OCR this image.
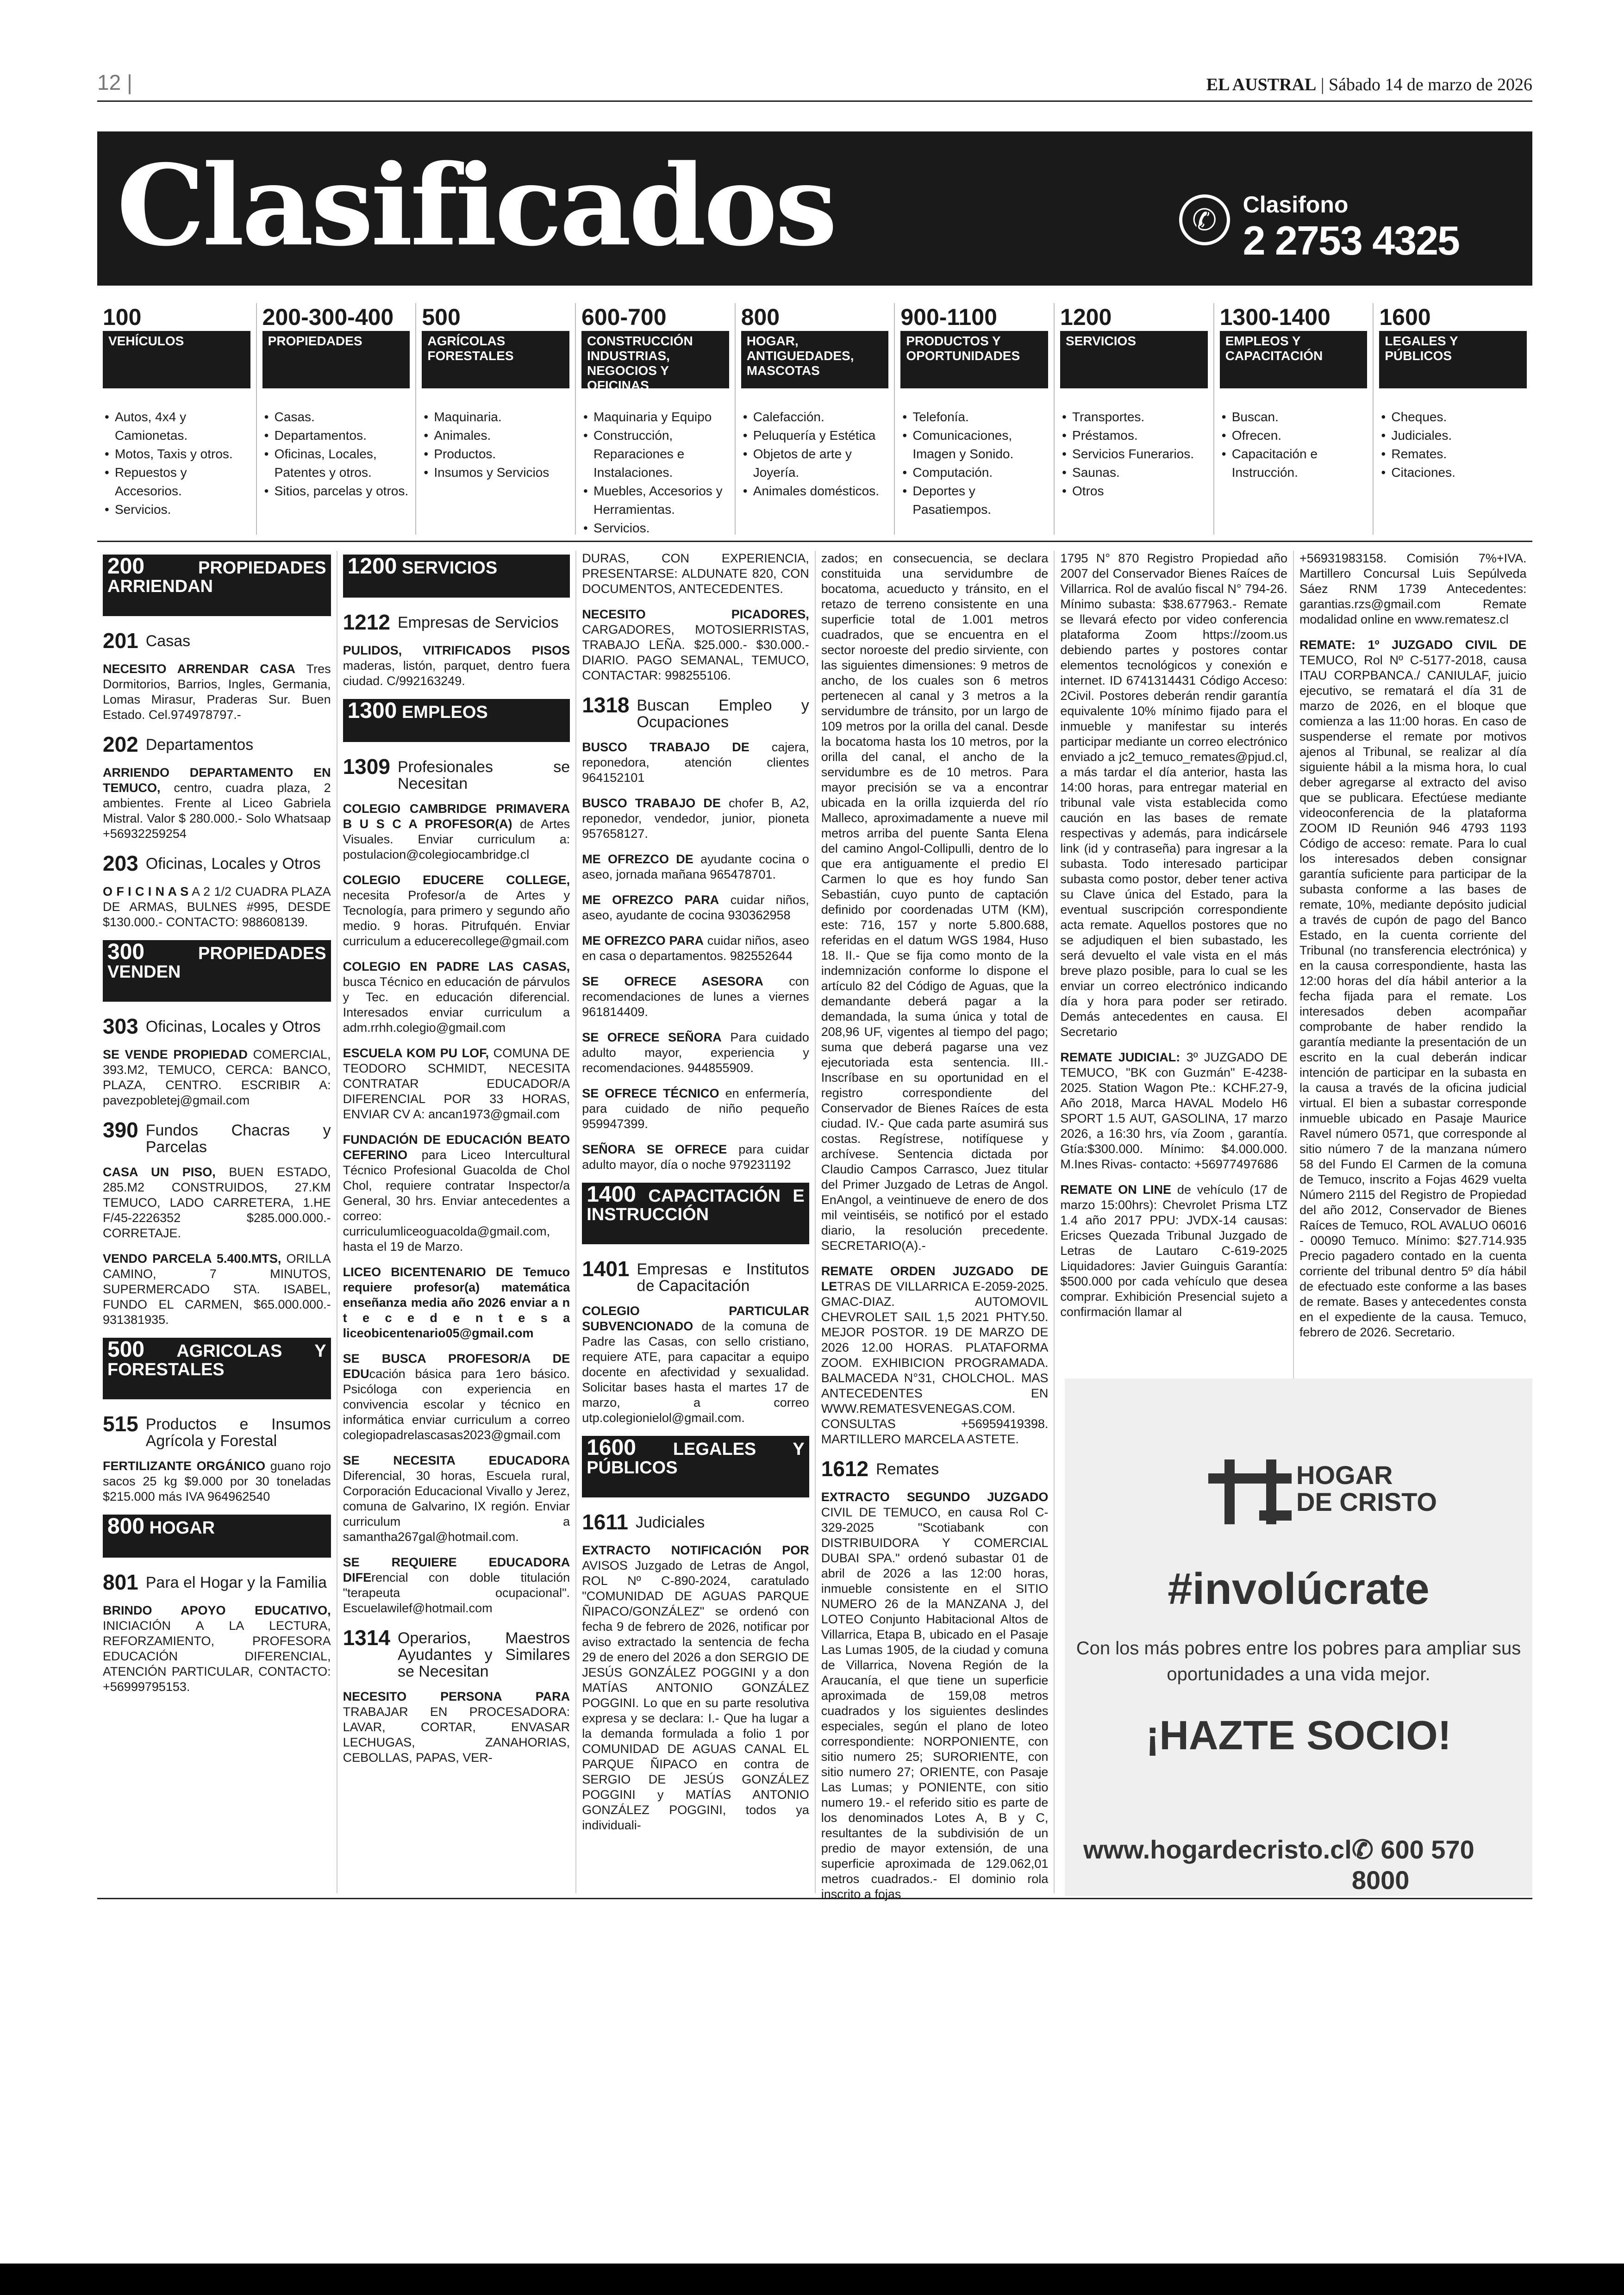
12 |	EL AUSTRAL | Sábado 14 de marzo de 2026
Clasificados	✆	Clasifono
2 2753 4325
100
VEHÍCULOS
• Autos, 4x4 y Camionetas.
• Motos, Taxis y otros.
• Repuestos y Accesorios.
• Servicios.
200-300-400
PROPIEDADES
• Casas.
• Departamentos.
• Oficinas, Locales, Patentes y otros.
• Sitios, parcelas y otros.
500
AGRÍCOLAS FORESTALES
• Maquinaria.
• Animales.
• Productos.
• Insumos y Servicios
600-700
CONSTRUCCIÓN INDUSTRIAS, NEGOCIOS Y OFICINAS
• Maquinaria y Equipo
• Construcción, Reparaciones e Instalaciones.
• Muebles, Accesorios y Herramientas.
• Servicios.
800
HOGAR, ANTIGUEDADES, MASCOTAS
• Calefacción.
• Peluquería y Estética
• Objetos de arte y Joyería.
• Animales domésticos.
900-1100
PRODUCTOS Y OPORTUNIDADES
• Telefonía.
• Comunicaciones, Imagen y Sonido.
• Computación.
• Deportes y Pasatiempos.
1200
SERVICIOS
• Transportes.
• Préstamos.
• Servicios Funerarios.
• Saunas.
• Otros
1300-1400
EMPLEOS Y CAPACITACIÓN
• Buscan.
• Ofrecen.
• Capacitación e Instrucción.
1600
LEGALES Y PÚBLICOS
• Cheques.
• Judiciales.
• Remates.
• Citaciones.
200	PROPIEDADES ARRIENDAN
201 Casas

NECESITO ARRENDAR CASA Tres Dormitorios, Barrios, Ingles, Germania, Lomas Mirasur, Praderas Sur. Buen Estado. Cel.974978797.-

202 Departamentos

ARRIENDO DEPARTAMENTO EN TEMUCO, centro, cuadra plaza, 2 ambientes. Frente al Liceo Gabriela Mistral. Valor $ 280.000.- Solo Whatsaap +56932259254

203 Oficinas, Locales y Otros

O F I C I N A S A 2 1/2 CUADRA PLAZA DE ARMAS, BULNES #995, DESDE $130.000.- CONTACTO: 988608139.

300	PROPIEDADES VENDEN
303 Oficinas, Locales y Otros

SE VENDE PROPIEDAD COMERCIAL, 393.M2, TEMUCO, CERCA: BANCO, PLAZA, CENTRO. ESCRIBIR A: pavezpobletej@gmail.com

390 Fundos Chacras y Parcelas

CASA UN PISO, BUEN ESTADO, 285.M2 CONSTRUIDOS, 27.KM TEMUCO, LADO CARRETERA, 1.HE F/45-2226352 $285.000.000.- CORRETAJE.

VENDO PARCELA 5.400.MTS, ORILLA CAMINO, 7 MINUTOS, SUPERMERCADO STA. ISABEL, FUNDO EL CARMEN, $65.000.000.- 931381935.

500 AGRICOLAS Y FORESTALES
515 Productos e Insumos Agrícola y Forestal

FERTILIZANTE ORGÁNICO guano rojo sacos 25 kg $9.000 por 30 toneladas $215.000 más IVA 964962540

800 HOGAR
801 Para el Hogar y la Familia

BRINDO APOYO EDUCATIVO, INICIACIÓN A LA LECTURA, REFORZAMIENTO, PROFESORA EDUCACIÓN DIFERENCIAL, ATENCIÓN PARTICULAR, CONTACTO: +56999795153.

1200 SERVICIOS
1212 Empresas de Servicios

PULIDOS, VITRIFICADOS PISOS maderas, listón, parquet, dentro fuera ciudad. C/992163249.

1300 EMPLEOS
1309 Profesionales se Necesitan

COLEGIO CAMBRIDGE PRIMAVERA B U S C A PROFESOR(A) de Artes Visuales. Enviar curriculum a: postulacion@colegiocambridge.cl

COLEGIO EDUCERE COLLEGE, necesita Profesor/a de Artes y Tecnología, para primero y segundo año medio. 9 horas. Pitrufquén. Enviar curriculum a educerecollege@gmail.com

COLEGIO EN PADRE LAS CASAS, busca Técnico en educación de párvulos y Tec. en educación diferencial. Interesados enviar curriculum a adm.rrhh.colegio@gmail.com

ESCUELA KOM PU LOF, COMUNA DE TEODORO SCHMIDT, NECESITA CONTRATAR EDUCADOR/A DIFERENCIAL POR 33 HORAS, ENVIAR CV A: ancan1973@gmail.com

FUNDACIÓN DE EDUCACIÓN BEATO CEFERINO para Liceo Intercultural Técnico Profesional Guacolda de Chol Chol, requiere contratar Inspector/a General, 30 hrs. Enviar antecedentes a correo: curriculumliceoguacolda@gmail.com, hasta el 19 de Marzo.

LICEO BICENTENARIO DE Temuco requiere profesor(a) matemática enseñanza media año 2026 enviar a n t e c e d e n t e s a liceobicentenario05@gmail.com

SE BUSCA PROFESOR/A DE EDUcación básica para 1ero básico. Psicóloga con experiencia en convivencia escolar y técnico en informática enviar curriculum a correo colegiopadrelascasas2023@gmail.com

SE NECESITA EDUCADORA Diferencial, 30 horas, Escuela rural, Corporación Educacional Vivallo y Jerez, comuna de Galvarino, IX región. Enviar curriculum a samantha267gal@hotmail.com.

SE REQUIERE EDUCADORA DIFErencial con doble titulación "terapeuta ocupacional". Escuelawilef@hotmail.com

1314 Operarios, Maestros Ayudantes y Similares se Necesitan

NECESITO PERSONA PARA TRABAJAR EN PROCESADORA: LAVAR, CORTAR, ENVASAR LECHUGAS, ZANAHORIAS, CEBOLLAS, PAPAS, VER-

DURAS, CON EXPERIENCIA, PRESENTARSE: ALDUNATE 820, CON DOCUMENTOS, ANTECEDENTES.

NECESITO PICADORES, CARGADORES, MOTOSIERRISTAS, TRABAJO LEÑA. $25.000.- $30.000.- DIARIO. PAGO SEMANAL, TEMUCO, CONTACTAR: 998255106.

1318 Buscan Empleo y Ocupaciones

BUSCO TRABAJO DE cajera, reponedora, atención clientes 964152101

BUSCO TRABAJO DE chofer B, A2, reponedor, vendedor, junior, pioneta 957658127.

ME OFREZCO DE ayudante cocina o aseo, jornada mañana 965478701.

ME OFREZCO PARA cuidar niños, aseo, ayudante de cocina 930362958

ME OFREZCO PARA cuidar niños, aseo en casa o departamentos. 982552644

SE OFRECE ASESORA con recomendaciones de lunes a viernes 961814409.

SE OFRECE SEÑORA Para cuidado adulto mayor, experiencia y recomendaciones. 944855909.

SE OFRECE TÉCNICO en enfermería, para cuidado de niño pequeño 959947399.

SEÑORA SE OFRECE para cuidar adulto mayor, día o noche 979231192

1400 CAPACITACIÓN E INSTRUCCIÓN
1401 Empresas e Institutos de Capacitación

COLEGIO PARTICULAR SUBVENCIONADO de la comuna de Padre las Casas, con sello cristiano, requiere ATE, para capacitar a equipo docente en afectividad y sexualidad. Solicitar bases hasta el martes 17 de marzo, a correo utp.colegionielol@gmail.com.

1600 LEGALES Y PÚBLICOS
1611 Judiciales

EXTRACTO NOTIFICACIÓN POR AVISOS Juzgado de Letras de Angol, ROL Nº C-890-2024, caratulado "COMUNIDAD DE AGUAS PARQUE ÑIPACO/GONZÁLEZ" se ordenó con fecha 9 de febrero de 2026, notificar por aviso extractado la sentencia de fecha 29 de enero del 2026 a don SERGIO DE JESÚS GONZÁLEZ POGGINI y a don MATÍAS ANTONIO GONZÁLEZ POGGINI. Lo que en su parte resolutiva expresa y se declara: I.- Que ha lugar a la demanda formulada a folio 1 por COMUNIDAD DE AGUAS CANAL EL PARQUE ÑIPACO en contra de SERGIO DE JESÚS GONZÁLEZ POGGINI y MATÍAS ANTONIO GONZÁLEZ POGGINI, todos ya individuali-

zados; en consecuencia, se declara constituida una servidumbre de bocatoma, acueducto y tránsito, en el retazo de terreno consistente en una superficie total de 1.001 metros cuadrados, que se encuentra en el sector noroeste del predio sirviente, con las siguientes dimensiones: 9 metros de ancho, de los cuales son 6 metros pertenecen al canal y 3 metros a la servidumbre de tránsito, por un largo de 109 metros por la orilla del canal. Desde la bocatoma hasta los 10 metros, por la orilla del canal, el ancho de la servidumbre es de 10 metros. Para mayor precisión se va a encontrar ubicada en la orilla izquierda del río Malleco, aproximadamente a nueve mil metros arriba del puente Santa Elena del camino Angol-Collipulli, dentro de lo que era antiguamente el predio El Carmen lo que es hoy fundo San Sebastián, cuyo punto de captación definido por coordenadas UTM (KM), este: 716, 157 y norte 5.800.688, referidas en el datum WGS 1984, Huso 18. II.- Que se fija como monto de la indemnización conforme lo dispone el artículo 82 del Código de Aguas, que la demandante deberá pagar a la demandada, la suma única y total de 208,96 UF, vigentes al tiempo del pago; suma que deberá pagarse una vez ejecutoriada esta sentencia. III.- Inscríbase en su oportunidad en el registro correspondiente del Conservador de Bienes Raíces de esta ciudad. IV.- Que cada parte asumirá sus costas. Regístrese, notifíquese y archívese. Sentencia dictada por Claudio Campos Carrasco, Juez titular del Primer Juzgado de Letras de Angol. EnAngol, a veintinueve de enero de dos mil veintiséis, se notificó por el estado diario, la resolución precedente. SECRETARIO(A).-

REMATE ORDEN JUZGADO DE LETRAS DE VILLARRICA E-2059-2025. GMAC-DIAZ. AUTOMOVIL CHEVROLET SAIL 1,5 2021 PHTY.50. MEJOR POSTOR. 19 DE MARZO DE 2026 12.00 HORAS. PLATAFORMA ZOOM. EXHIBICION PROGRAMADA. BALMACEDA N°31, CHOLCHOL. MAS ANTECEDENTES EN WWW.REMATESVENEGAS.COM. CONSULTAS +56959419398. MARTILLERO MARCELA ASTETE.

1612 Remates

EXTRACTO SEGUNDO JUZGADO CIVIL DE TEMUCO, en causa Rol C-329-2025 "Scotiabank con DISTRIBUIDORA Y COMERCIAL DUBAI SPA." ordenó subastar 01 de abril de 2026 a las 12:00 horas, inmueble consistente en el SITIO NUMERO 26 de la MANZANA J, del LOTEO Conjunto Habitacional Altos de Villarrica, Etapa B, ubicado en el Pasaje Las Lumas 1905, de la ciudad y comuna de Villarrica, Novena Región de la Araucanía, el que tiene un superficie aproximada de 159,08 metros cuadrados y los siguientes deslindes especiales, según el plano de loteo correspondiente: NORPONIENTE, con sitio numero 25; SURORIENTE, con sitio numero 27; ORIENTE, con Pasaje Las Lumas; y PONIENTE, con sitio numero 19.- el referido sitio es parte de los denominados Lotes A, B y C, resultantes de la subdivisión de un predio de mayor extensión, de una superficie aproximada de 129.062,01 metros cuadrados.- El dominio rola inscrito a fojas

1795 N° 870 Registro Propiedad año 2007 del Conservador Bienes Raíces de Villarrica. Rol de avalúo fiscal N° 794-26. Mínimo subasta: $38.677963.- Remate se llevará efecto por video conferencia plataforma Zoom https://zoom.us debiendo partes y postores contar elementos tecnológicos y conexión e internet. ID 6741314431 Código Acceso: 2Civil. Postores deberán rendir garantía equivalente 10% mínimo fijado para el inmueble y manifestar su interés participar mediante un correo electrónico enviado a jc2_temuco_remates@pjud.cl, a más tardar el día anterior, hasta las 14:00 horas, para entregar material en tribunal vale vista establecida como caución en las bases de remate respectivas y además, para indicársele link (id y contraseña) para ingresar a la subasta. Todo interesado participar subasta como postor, deber tener activa su Clave única del Estado, para la eventual suscripción correspondiente acta remate. Aquellos postores que no se adjudiquen el bien subastado, les será devuelto el vale vista en el más breve plazo posible, para lo cual se les enviar un correo electrónico indicando día y hora para poder ser retirado. Demás antecedentes en causa. El Secretario

REMATE JUDICIAL: 3º JUZGADO DE TEMUCO, "BK con Guzmán" E-4238-2025. Station Wagon Pte.: KCHF.27-9, Año 2018, Marca HAVAL Modelo H6 SPORT 1.5 AUT, GASOLINA, 17 marzo 2026, a 16:30 hrs, vía Zoom , garantía. Gtía:$300.000. Mínimo: $4.000.000. M.Ines Rivas- contacto: +56977497686

REMATE ON LINE de vehículo (17 de marzo 15:00hrs): Chevrolet Prisma LTZ 1.4 año 2017 PPU: JVDX-14 causas: Ericses Quezada Tribunal Juzgado de Letras de Lautaro C-619-2025 Liquidadores: Javier Guinguis Garantía: $500.000 por cada vehículo que desea comprar. Exhibición Presencial sujeto a confirmación llamar al

+56931983158. Comisión 7%+IVA. Martillero Concursal Luis Sepúlveda Sáez RNM 1739 Antecedentes: garantias.rzs@gmail.com Remate modalidad online en www.rematesz.cl

REMATE: 1º JUZGADO CIVIL DE TEMUCO, Rol Nº C-5177-2018, causa ITAU CORPBANCA./ CANIULAF, juicio ejecutivo, se rematará el día 31 de marzo de 2026, en el bloque que comienza a las 11:00 horas. En caso de suspenderse el remate por motivos ajenos al Tribunal, se realizar al día siguiente hábil a la misma hora, lo cual deber agregarse al extracto del aviso que se publicara. Efectúese mediante videoconferencia de la plataforma ZOOM ID Reunión 946 4793 1193 Código de acceso: remate. Para lo cual los interesados deben consignar garantía suficiente para participar de la subasta conforme a las bases de remate, 10%, mediante depósito judicial a través de cupón de pago del Banco Estado, en la cuenta corriente del Tribunal (no transferencia electrónica) y en la causa correspondiente, hasta las 12:00 horas del día hábil anterior a la fecha fijada para el remate. Los interesados deben acompañar comprobante de haber rendido la garantía mediante la presentación de un escrito en la cual deberán indicar intención de participar en la subasta en la causa a través de la oficina judicial virtual. El bien a subastar corresponde inmueble ubicado en Pasaje Maurice Ravel número 0571, que corresponde al sitio número 7 de la manzana número 58 del Fundo El Carmen de la comuna de Temuco, inscrito a Fojas 4629 vuelta Número 2115 del Registro de Propiedad del año 2012, Conservador de Bienes Raíces de Temuco, ROL AVALUO 06016 - 00090 Temuco. Mínimo: $27.714.935 Precio pagadero contado en la cuenta corriente del tribunal dentro 5º día hábil de efectuado este conforme a las bases de remate. Bases y antecedentes consta en el expediente de la causa. Temuco, febrero de 2026. Secretario.

HOGAR
DE CRISTO
#involúcrate
Con los más pobres entre los pobres para ampliar sus oportunidades a una vida mejor.
¡HAZTE SOCIO!
www.hogardecristo.cl ✆ 600 570 8000
